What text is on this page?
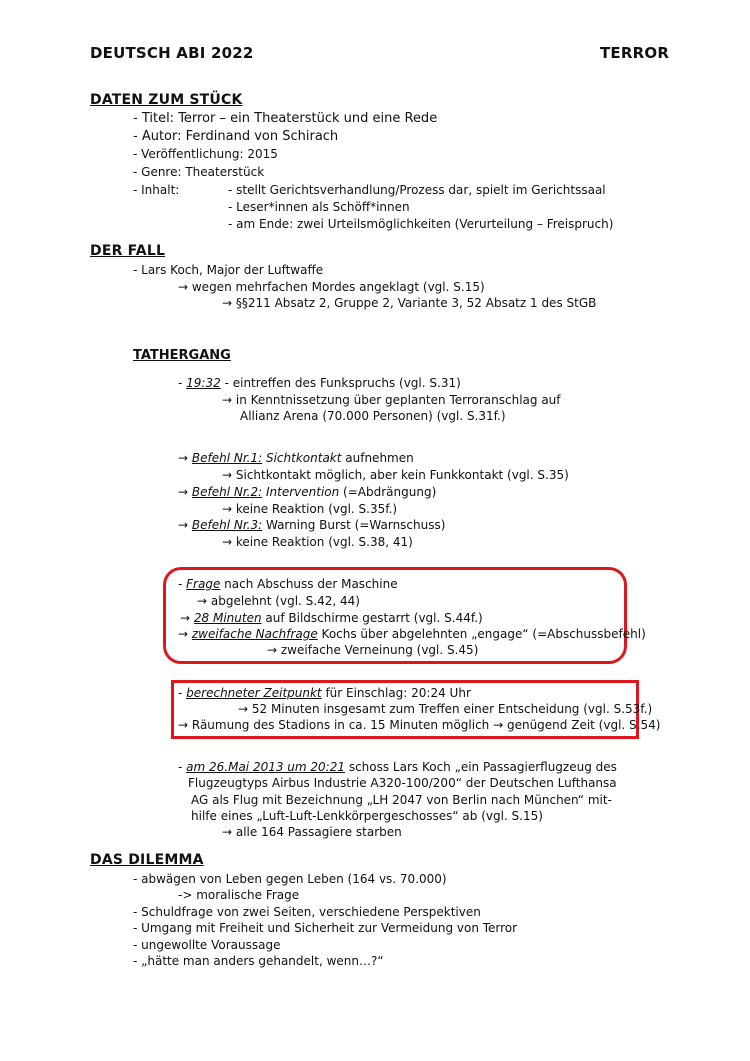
DEUTSCH ABI 2022	TERROR
DATEN ZUM STÜCK
- Titel: Terror – ein Theaterstück und eine Rede
- Autor: Ferdinand von Schirach
- Veröffentlichung: 2015
- Genre: Theaterstück
- Inhalt:	- stellt Gerichtsverhandlung/Prozess dar, spielt im Gerichtssaal
- Leser*innen als Schöff*innen
- am Ende: zwei Urteilsmöglichkeiten (Verurteilung – Freispruch)
DER FALL
- Lars Koch, Major der Luftwaffe
→ wegen mehrfachen Mordes angeklagt (vgl. S.15)
→ §§211 Absatz 2, Gruppe 2, Variante 3, 52 Absatz 1 des StGB
TATHERGANG
- 19:32 - eintreffen des Funkspruchs (vgl. S.31)
→ in Kenntnissetzung über geplanten Terroranschlag auf
Allianz Arena (70.000 Personen) (vgl. S.31f.)
→ Befehl Nr.1: Sichtkontakt aufnehmen
→ Sichtkontakt möglich, aber kein Funkkontakt (vgl. S.35)
→ Befehl Nr.2: Intervention (=Abdrängung)
→ keine Reaktion (vgl. S.35f.)
→ Befehl Nr.3: Warning Burst (=Warnschuss)
→ keine Reaktion (vgl. S.38, 41)
- Frage nach Abschuss der Maschine
→ abgelehnt (vgl. S.42, 44)
→ 28 Minuten auf Bildschirme gestarrt (vgl. S.44f.)
→ zweifache Nachfrage Kochs über abgelehnten „engage“ (=Abschussbefehl)
→ zweifache Verneinung (vgl. S.45)
- berechneter Zeitpunkt für Einschlag: 20:24 Uhr
→ 52 Minuten insgesamt zum Treffen einer Entscheidung (vgl. S.53f.)
→ Räumung des Stadions in ca. 15 Minuten möglich → genügend Zeit (vgl. S.54)
- am 26.Mai 2013 um 20:21 schoss Lars Koch „ein Passagierflugzeug des
Flugzeugtyps Airbus Industrie A320-100/200“ der Deutschen Lufthansa
AG als Flug mit Bezeichnung „LH 2047 von Berlin nach München“ mit-
hilfe eines „Luft-Luft-Lenkkörpergeschosses“ ab (vgl. S.15)
→ alle 164 Passagiere starben
DAS DILEMMA
- abwägen von Leben gegen Leben (164 vs. 70.000)
-> moralische Frage
- Schuldfrage von zwei Seiten, verschiedene Perspektiven
- Umgang mit Freiheit und Sicherheit zur Vermeidung von Terror
- ungewollte Voraussage
- „hätte man anders gehandelt, wenn…?“
